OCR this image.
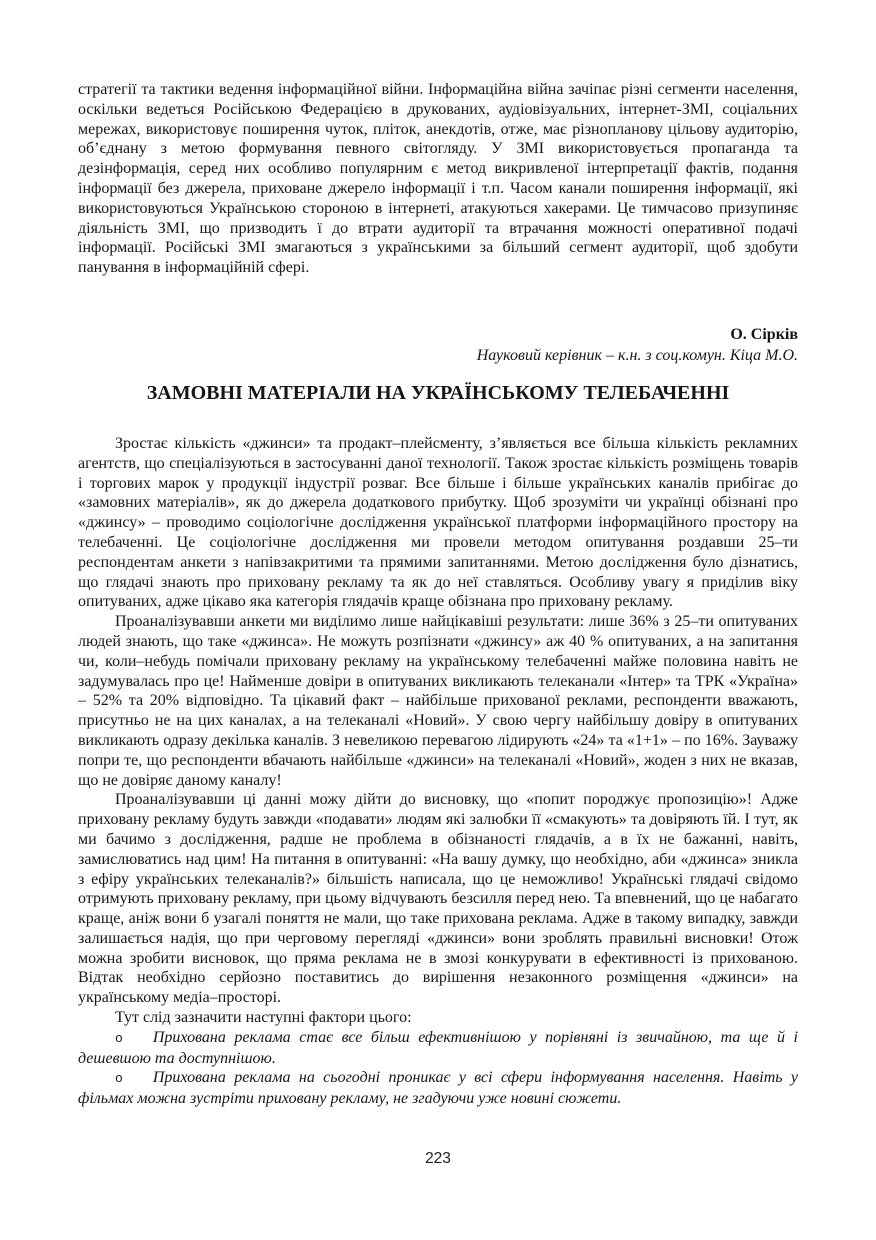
стратегії та тактики ведення інформаційної війни. Інформаційна війна зачіпає різні сегменти населення, оскільки ведеться Російською Федерацією в друкованих, аудіовізуальних, інтернет-ЗМІ, соціальних мережах, використовує поширення чуток, пліток, анекдотів, отже, має різнопланову цільову аудиторію, об’єднану з метою формування певного світогляду. У ЗМІ використовується пропаганда та дезінформація, серед них особливо популярним є метод викривленої інтерпретації фактів, подання інформації без джерела, приховане джерело інформації і т.п. Часом канали поширення інформації, які використовуються Українською стороною в інтернеті, атакуються хакерами. Це тимчасово призупиняє діяльність ЗМІ, що призводить ї до втрати аудиторії та втрачання можності оперативної подачі інформації. Російські ЗМІ змагаються з українськими за більший сегмент аудиторії, щоб здобути панування в інформаційній сфері.

О. Сірків
Науковий керівник – к.н. з соц.комун. Кіца М.О.
ЗАМОВНІ МАТЕРІАЛИ НА УКРАЇНСЬКОМУ ТЕЛЕБАЧЕННІ

Зростає кількість «джинси» та продакт–плейсменту, з’являється все більша кількість рекламних агентств, що спеціалізуються в застосуванні даної технології. Також зростає кількість розміщень товарів і торгових марок у продукції індустрії розваг. Все більше і більше українських каналів прибігає до «замовних матеріалів», як до джерела додаткового прибутку. Щоб зрозуміти чи українці обізнані про «джинсу» – проводимо соціологічне дослідження української платформи інформаційного простору на телебаченні. Це соціологічне дослідження ми провели методом опитування роздавши 25–ти респондентам анкети з напівзакритими та прямими запитаннями. Метою дослідження було дізнатись, що глядачі знають про приховану рекламу та як до неї ставляться. Особливу увагу я приділив віку опитуваних, адже цікаво яка категорія глядачів краще обізнана про приховану рекламу.

Проаналізувавши анкети ми виділимо лише найцікавіші результати: лише 36% з 25–ти опитуваних людей знають, що таке «джинса». Не можуть розпізнати «джинсу» аж 40 % опитуваних, а на запитання чи, коли–небудь помічали приховану рекламу на українському телебаченні майже половина навіть не задумувалась про це! Найменше довіри в опитуваних викликають телеканали «Інтер» та ТРК «Україна» – 52% та 20% відповідно. Та цікавий факт – найбільше прихованої реклами, респонденти вважають, присутньо не на цих каналах, а на телеканалі «Новий». У свою чергу найбільшу довіру в опитуваних викликають одразу декілька каналів. З невеликою перевагою лідирують «24» та «1+1» – по 16%. Зауважу попри те, що респонденти вбачають найбільше «джинси» на телеканалі «Новий», жоден з них не вказав, що не довіряє даному каналу!

Проаналізувавши ці данні можу дійти до висновку, що «попит породжує пропозицію»! Адже приховану рекламу будуть завжди «подавати» людям які залюбки її «смакують» та довіряють їй. І тут, як ми бачимо з дослідження, радше не проблема в обізнаності глядачів, а в їх не бажанні, навіть, замислюватись над цим! На питання в опитуванні: «На вашу думку, що необхідно, аби «джинса» зникла з ефіру українських телеканалів?» більшість написала, що це неможливо! Українські глядачі свідомо отримують приховану рекламу, при цьому відчувають безсилля перед нею. Та впевнений, що це набагато краще, аніж вони б узагалі поняття не мали, що таке прихована реклама. Адже в такому випадку, завжди залишається надія, що при черговому перегляді «джинси» вони зроблять правильні висновки! Отож можна зробити висновок, що пряма реклама не в змозі конкурувати в ефективності із прихованою. Відтак необхідно серйозно поставитись до вирішення незаконного розміщення «джинси» на українському медіа–просторі.

Тут слід зазначити наступні фактори цього:

o Прихована реклама стає все більш ефективнішою у порівняні із звичайною, та ще й і дешевшою та доступнішою.

o Прихована реклама на сьогодні проникає у всі сфери інформування населення. Навіть у фільмах можна зустріти приховану рекламу, не згадуючи уже новині сюжети.

223
